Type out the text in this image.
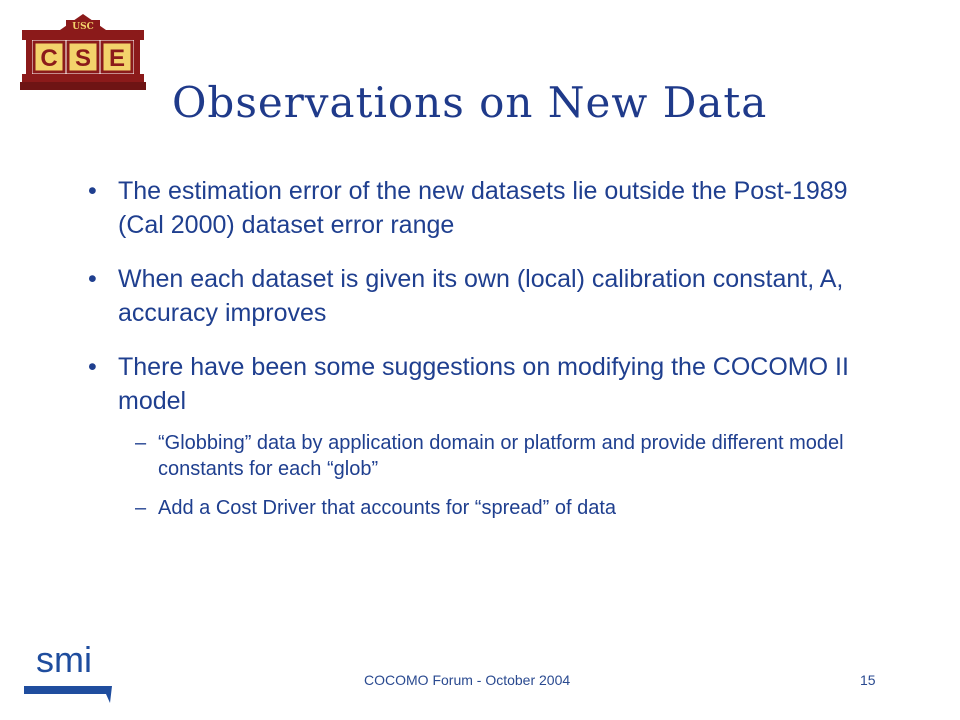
USC
C S E
Observations on New Data
• The estimation error of the new datasets lie outside the Post-1989 (Cal 2000) dataset error range
• When each dataset is given its own (local) calibration constant, A, accuracy improves
• There have been some suggestions on modifying the COCOMO II model
– “Globbing” data by application domain or platform and provide different model constants for each “glob”
– Add a Cost Driver that accounts for “spread” of data
smi	COCOMO Forum - October 2004	15
